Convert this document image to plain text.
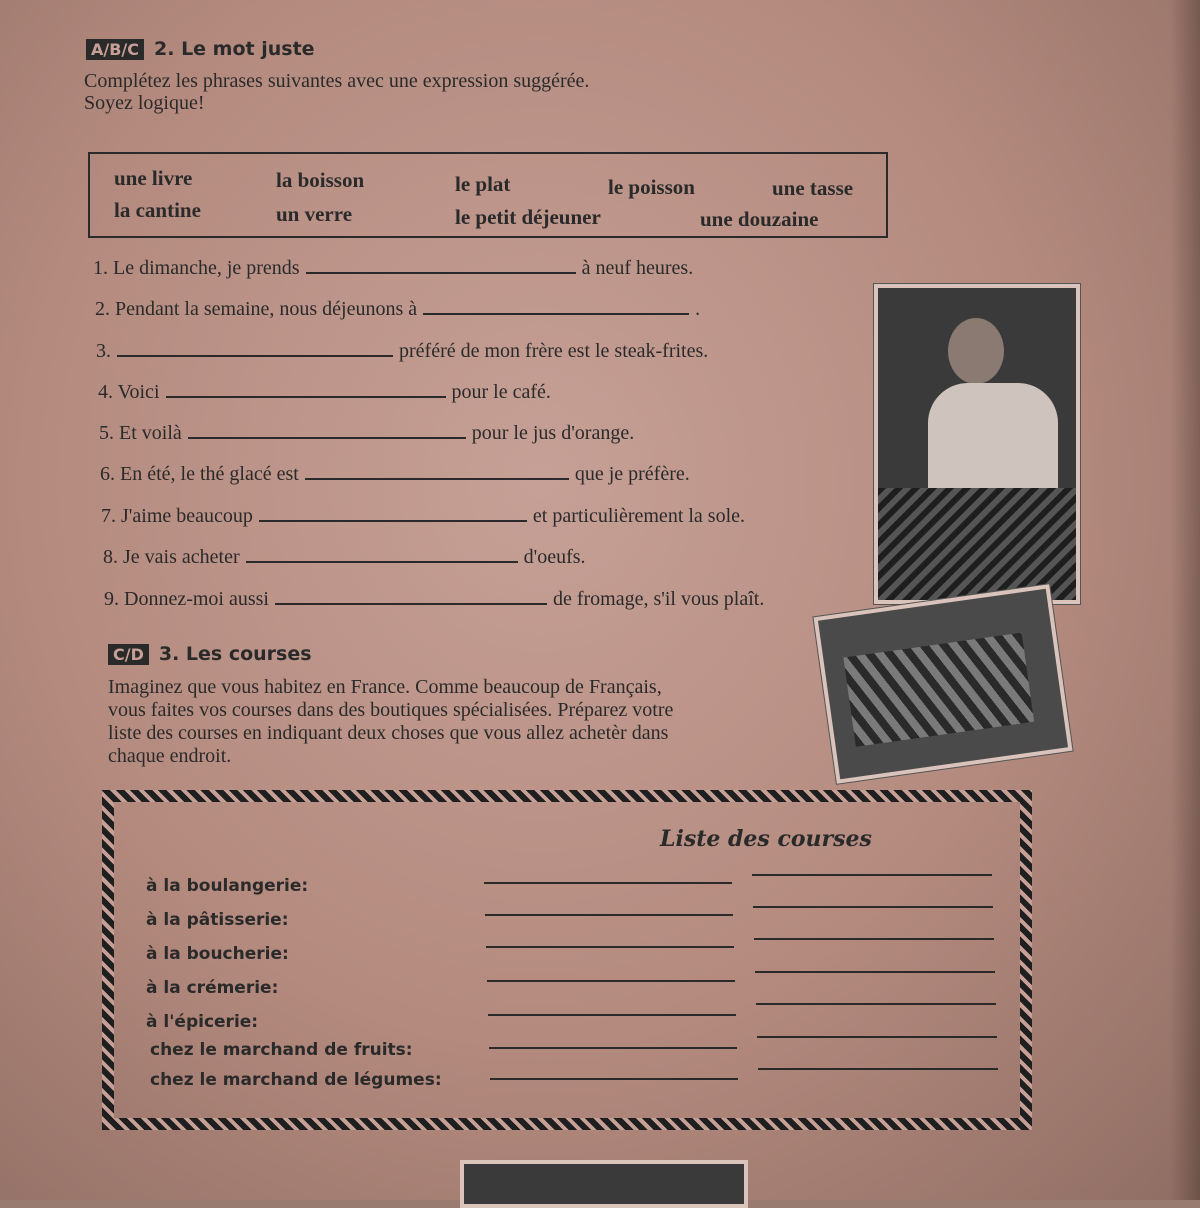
A/B/C 2. Le mot juste
Complétez les phrases suivantes avec une expression suggérée.
Soyez logique!
une livre	la boisson	le plat	le poisson	une tasse
la cantine	un verre	le petit déjeuner	une douzaine
1. Le dimanche, je prends	à neuf heures.
2. Pendant la semaine, nous déjeunons à	.
3.	préféré de mon frère est le steak-frites.
4. Voici	pour le café.
5. Et voilà	pour le jus d'orange.
6. En été, le thé glacé est	que je préfère.
7. J'aime beaucoup	et particulièrement la sole.
8. Je vais acheter	d'oeufs.
9. Donnez-moi aussi	de fromage, s'il vous plaît.
C/D 3. Les courses
Imaginez que vous habitez en France. Comme beaucoup de Français,
vous faites vos courses dans des boutiques spécialisées. Préparez votre
liste des courses en indiquant deux choses que vous allez achetèr dans
chaque endroit.
Liste des courses
à la boulangerie:
à la pâtisserie:
à la boucherie:
à la crémerie:
à l'épicerie:
chez le marchand de fruits:
chez le marchand de légumes:
